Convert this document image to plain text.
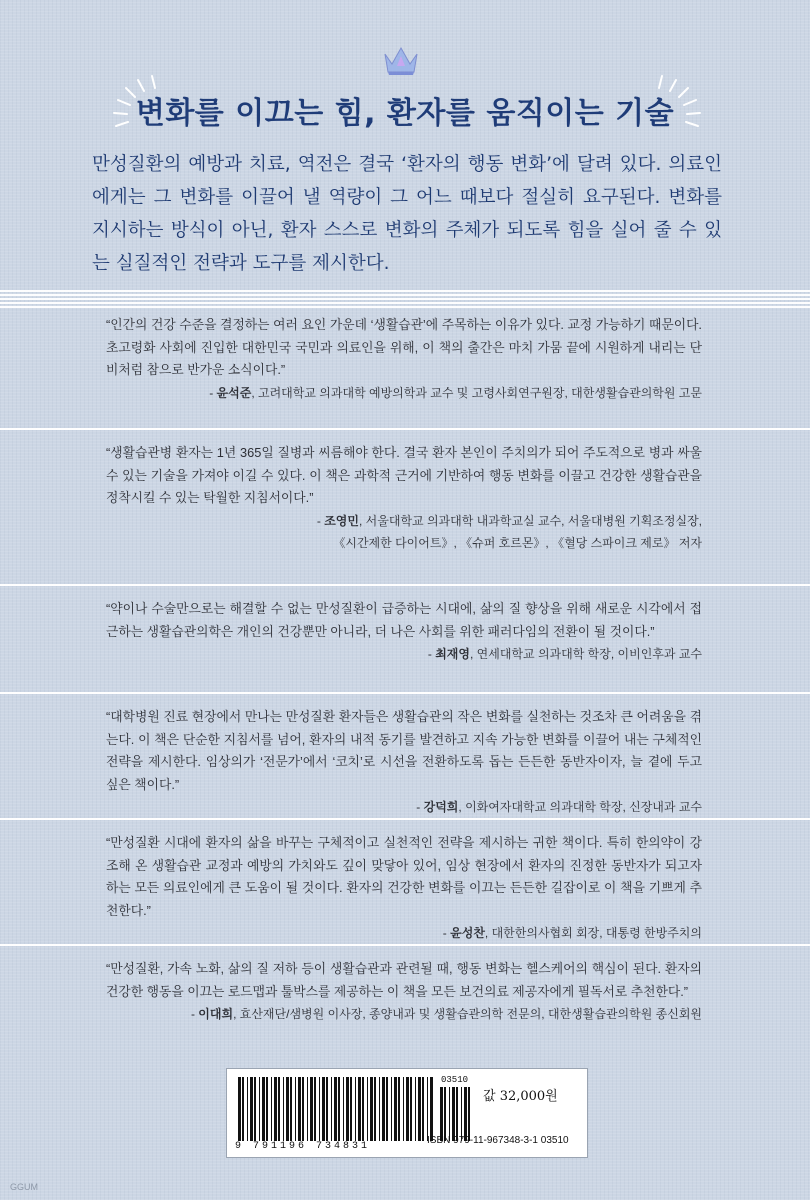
변화를 이끄는 힘, 환자를 움직이는 기술
만성질환의 예방과 치료, 역전은 결국 ‘환자의 행동 변화’에 달려 있다. 의료인에게는 그 변화를 이끌어 낼 역량이 그 어느 때보다 절실히 요구된다. 변화를 지시하는 방식이 아닌, 환자 스스로 변화의 주체가 되도록 힘을 실어 줄 수 있는 실질적인 전략과 도구를 제시한다.

“인간의 건강 수준을 결정하는 여러 요인 가운데 ‘생활습관’에 주목하는 이유가 있다. 교정 가능하기 때문이다. 초고령화 사회에 진입한 대한민국 국민과 의료인을 위해, 이 책의 출간은 마치 가뭄 끝에 시원하게 내리는 단비처럼 참으로 반가운 소식이다.”

- 윤석준, 고려대학교 의과대학 예방의학과 교수 및 고령사회연구원장, 대한생활습관의학원 고문

“생활습관병 환자는 1년 365일 질병과 씨름해야 한다. 결국 환자 본인이 주치의가 되어 주도적으로 병과 싸울 수 있는 기술을 가져야 이길 수 있다. 이 책은 과학적 근거에 기반하여 행동 변화를 이끌고 건강한 생활습관을 정착시킬 수 있는 탁월한 지침서이다.”

- 조영민, 서울대학교 의과대학 내과학교실 교수, 서울대병원 기획조정실장,
《시간제한 다이어트》, 《슈퍼 호르몬》, 《혈당 스파이크 제로》 저자

“약이나 수술만으로는 해결할 수 없는 만성질환이 급증하는 시대에, 삶의 질 향상을 위해 새로운 시각에서 접근하는 생활습관의학은 개인의 건강뿐만 아니라, 더 나은 사회를 위한 패러다임의 전환이 될 것이다.”

- 최재영, 연세대학교 의과대학 학장, 이비인후과 교수

“대학병원 진료 현장에서 만나는 만성질환 환자들은 생활습관의 작은 변화를 실천하는 것조차 큰 어려움을 겪는다. 이 책은 단순한 지침서를 넘어, 환자의 내적 동기를 발견하고 지속 가능한 변화를 이끌어 내는 구체적인 전략을 제시한다. 임상의가 ‘전문가’에서 ‘코치’로 시선을 전환하도록 돕는 든든한 동반자이자, 늘 곁에 두고 싶은 책이다.”

- 강덕희, 이화여자대학교 의과대학 학장, 신장내과 교수

“만성질환 시대에 환자의 삶을 바꾸는 구체적이고 실천적인 전략을 제시하는 귀한 책이다. 특히 한의약이 강조해 온 생활습관 교정과 예방의 가치와도 깊이 맞닿아 있어, 임상 현장에서 환자의 진정한 동반자가 되고자 하는 모든 의료인에게 큰 도움이 될 것이다. 환자의 건강한 변화를 이끄는 든든한 길잡이로 이 책을 기쁘게 추천한다.”

- 윤성찬, 대한한의사협회 회장, 대통령 한방주치의

“만성질환, 가속 노화, 삶의 질 저하 등이 생활습관과 관련될 때, 행동 변화는 헬스케어의 핵심이 된다. 환자의 건강한 행동을 이끄는 로드맵과 툴박스를 제공하는 이 책을 모든 보건의료 제공자에게 필독서로 추천한다.”

- 이대희, 효산재단/샘병원 이사장, 종양내과 및 생활습관의학 전문의, 대한생활습관의학원 종신회원
9 791196 734831
03510
값 32,000원
ISBN 979-11-967348-3-1 03510
GGUM
